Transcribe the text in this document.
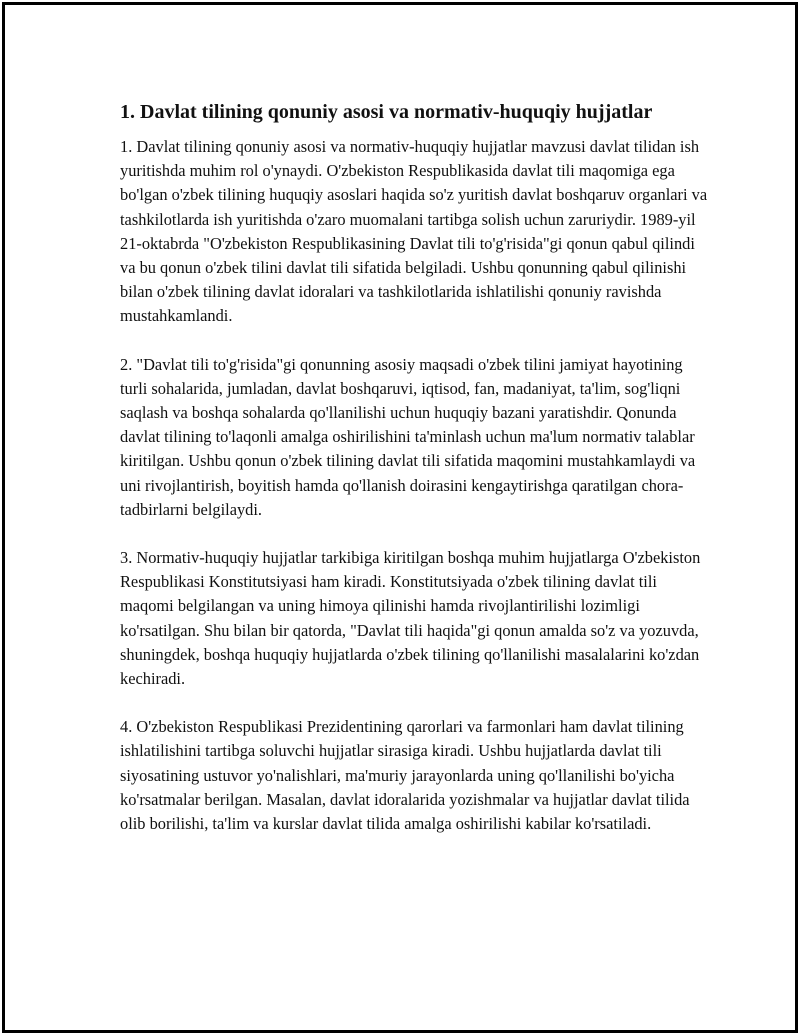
1. Davlat tilining qonuniy asosi va normativ-huquqiy hujjatlar

1. Davlat tilining qonuniy asosi va normativ-huquqiy hujjatlar mavzusi davlat tilidan ish yuritishda muhim rol o'ynaydi. O'zbekiston Respublikasida davlat tili maqomiga ega bo'lgan o'zbek tilining huquqiy asoslari haqida so'z yuritish davlat boshqaruv organlari va tashkilotlarda ish yuritishda o'zaro muomalani tartibga solish uchun zaruriydir. 1989-yil 21-oktabrda "O'zbekiston Respublikasining Davlat tili to'g'risida"gi qonun qabul qilindi va bu qonun o'zbek tilini davlat tili sifatida belgiladi. Ushbu qonunning qabul qilinishi bilan o'zbek tilining davlat idoralari va tashkilotlarida ishlatilishi qonuniy ravishda mustahkamlandi.

2. "Davlat tili to'g'risida"gi qonunning asosiy maqsadi o'zbek tilini jamiyat hayotining turli sohalarida, jumladan, davlat boshqaruvi, iqtisod, fan, madaniyat, ta'lim, sog'liqni saqlash va boshqa sohalarda qo'llanilishi uchun huquqiy bazani yaratishdir. Qonunda davlat tilining to'laqonli amalga oshirilishini ta'minlash uchun ma'lum normativ talablar kiritilgan. Ushbu qonun o'zbek tilining davlat tili sifatida maqomini mustahkamlaydi va uni rivojlantirish, boyitish hamda qo'llanish doirasini kengaytirishga qaratilgan chora-tadbirlarni belgilaydi.

3. Normativ-huquqiy hujjatlar tarkibiga kiritilgan boshqa muhim hujjatlarga O'zbekiston Respublikasi Konstitutsiyasi ham kiradi. Konstitutsiyada o'zbek tilining davlat tili maqomi belgilangan va uning himoya qilinishi hamda rivojlantirilishi lozimligi ko'rsatilgan. Shu bilan bir qatorda, "Davlat tili haqida"gi qonun amalda so'z va yozuvda, shuningdek, boshqa huquqiy hujjatlarda o'zbek tilining qo'llanilishi masalalarini ko'zdan kechiradi.

4. O'zbekiston Respublikasi Prezidentining qarorlari va farmonlari ham davlat tilining ishlatilishini tartibga soluvchi hujjatlar sirasiga kiradi. Ushbu hujjatlarda davlat tili siyosatining ustuvor yo'nalishlari, ma'muriy jarayonlarda uning qo'llanilishi bo'yicha ko'rsatmalar berilgan. Masalan, davlat idoralarida yozishmalar va hujjatlar davlat tilida olib borilishi, ta'lim va kurslar davlat tilida amalga oshirilishi kabilar ko'rsatiladi.
